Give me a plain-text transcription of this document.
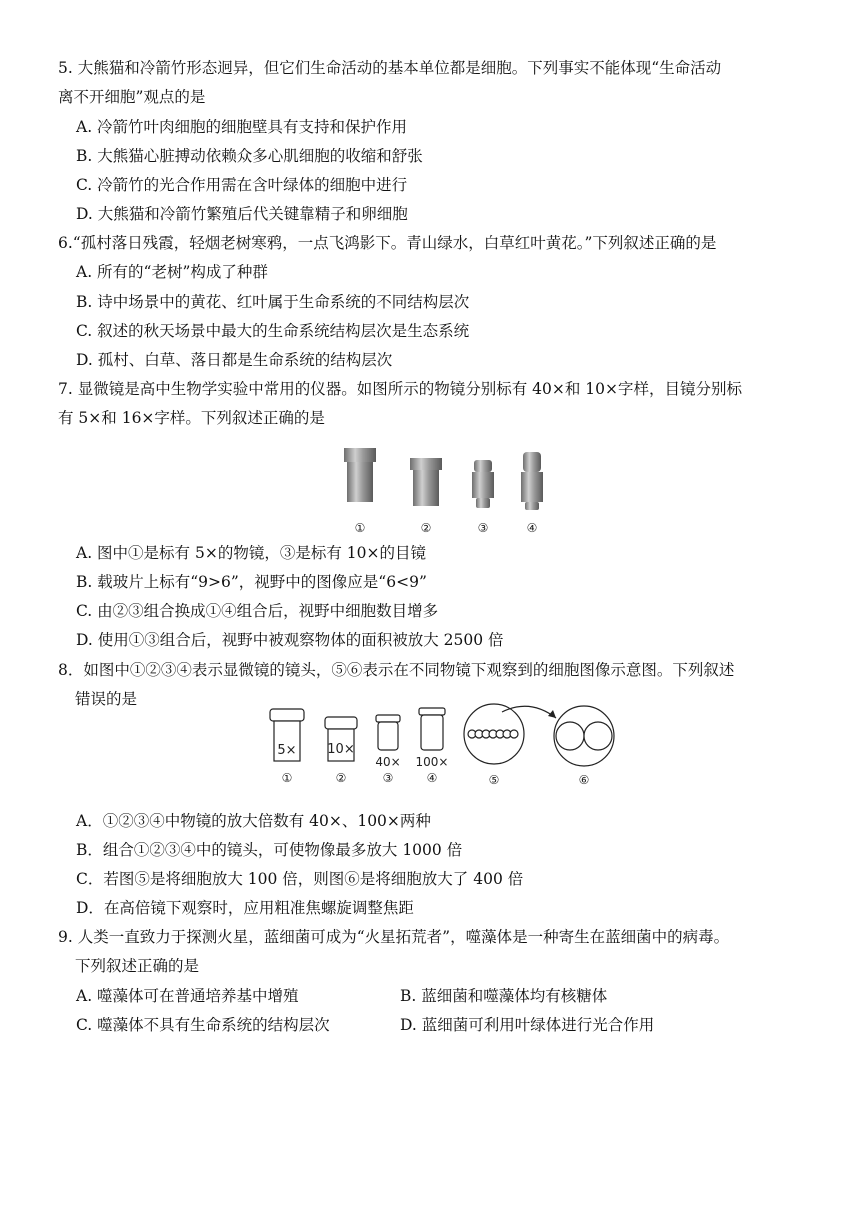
5. 大熊猫和冷箭竹形态迥异，但它们生命活动的基本单位都是细胞。下列事实不能体现“生命活动
离不开细胞”观点的是
A. 冷箭竹叶肉细胞的细胞壁具有支持和保护作用
B. 大熊猫心脏搏动依赖众多心肌细胞的收缩和舒张
C. 冷箭竹的光合作用需在含叶绿体的细胞中进行
D. 大熊猫和冷箭竹繁殖后代关键靠精子和卵细胞
6.“孤村落日残霞，轻烟老树寒鸦，一点飞鸿影下。青山绿水，白草红叶黄花。”下列叙述正确的是
A. 所有的“老树”构成了种群
B. 诗中场景中的黄花、红叶属于生命系统的不同结构层次
C. 叙述的秋天场景中最大的生命系统结构层次是生态系统
D. 孤村、白草、落日都是生命系统的结构层次
7. 显微镜是高中生物学实验中常用的仪器。如图所示的物镜分别标有 40×和 10×字样，目镜分别标
有 5×和 16×字样。下列叙述正确的是
①	②	③	④
A. 图中①是标有 5×的物镜，③是标有 10×的目镜
B. 载玻片上标有“9>6”，视野中的图像应是“6<9”
C. 由②③组合换成①④组合后，视野中细胞数目增多
D. 使用①③组合后，视野中被观察物体的面积被放大 2500 倍
8．如图中①②③④表示显微镜的镜头，⑤⑥表示在不同物镜下观察到的细胞图像示意图。下列叙述
错误的是
5× 10×
40× 100×
①	②	③	④	⑤	⑥
A．①②③④中物镜的放大倍数有 40×、100×两种
B．组合①②③④中的镜头，可使物像最多放大 1000 倍
C．若图⑤是将细胞放大 100 倍，则图⑥是将细胞放大了 400 倍
D．在高倍镜下观察时，应用粗准焦螺旋调整焦距
9. 人类一直致力于探测火星，蓝细菌可成为“火星拓荒者”，噬藻体是一种寄生在蓝细菌中的病毒。
下列叙述正确的是
A. 噬藻体可在普通培养基中增殖	B. 蓝细菌和噬藻体均有核糖体
C. 噬藻体不具有生命系统的结构层次	D. 蓝细菌可利用叶绿体进行光合作用
